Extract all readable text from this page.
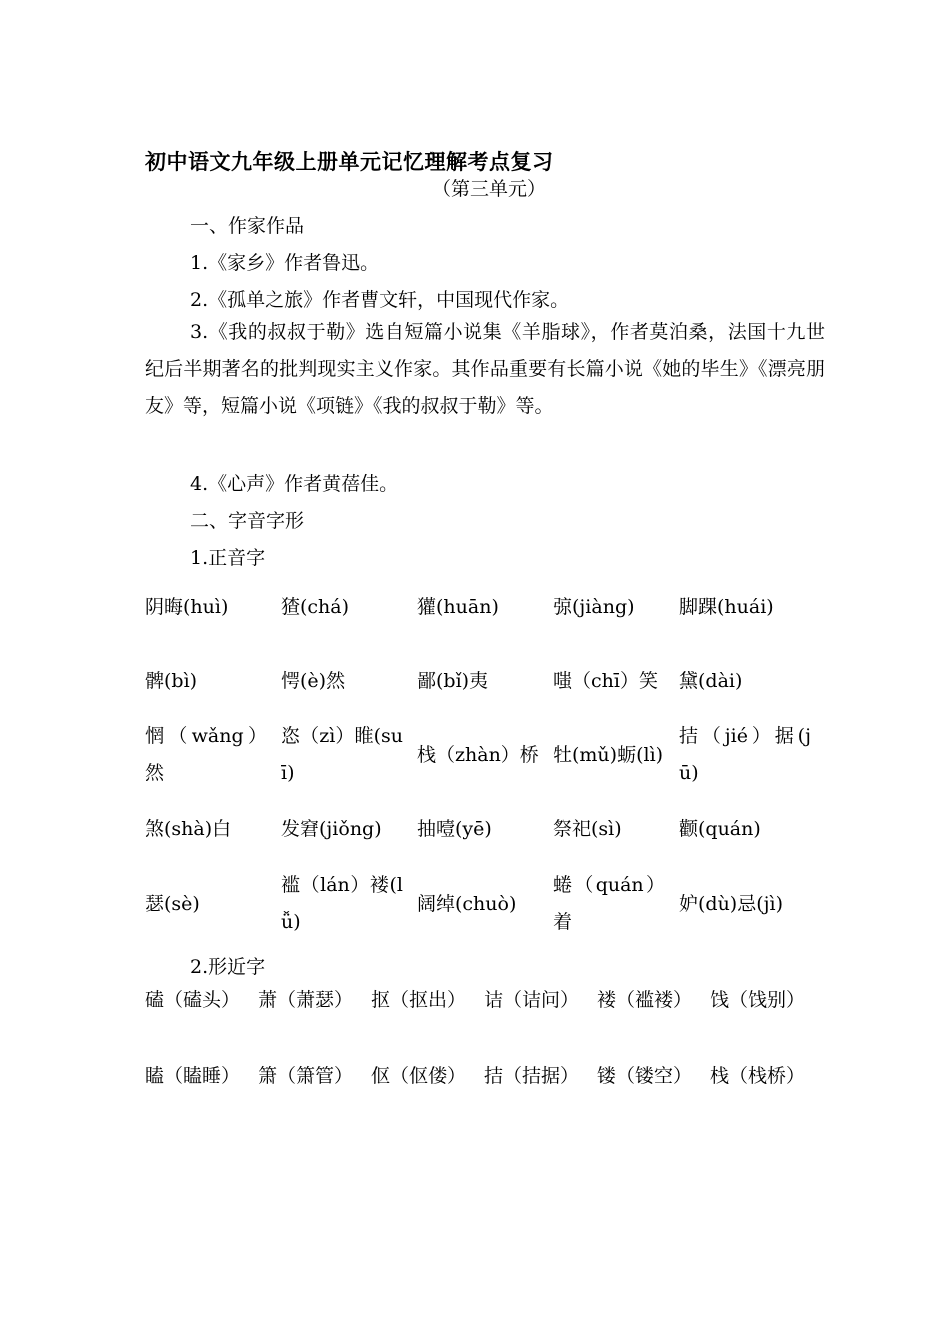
初中语文九年级上册单元记忆理解考点复习
（第三单元）
一、作家作品
1.《家乡》作者鲁迅。
2.《孤单之旅》作者曹文轩，中国现代作家。
3.《我的叔叔于勒》选自短篇小说集《羊脂球》，作者莫泊桑，法国十九世纪后半期著名的批判现实主义作家。其作品重要有长篇小说《她的毕生》《漂亮朋友》等，短篇小说《项链》《我的叔叔于勒》等。
4.《心声》作者黄蓓佳。
二、字音字形
1.正音字
阴晦(huì)	猹(chá)	獾(huān)	弶(jiàng)	脚踝(huái)
髀(bì)	愕(è)然	鄙(bǐ)夷	嗤（chī）笑	黛(dài)
惘（wǎng）然	恣（zì）睢(suī)	栈（zhàn）桥	牡(mǔ)蛎(lì)	拮（jié）据(jū)
煞(shà)白	发窘(jiǒng)	抽噎(yē)	祭祀(sì)	颧(quán)
瑟(sè)	褴（lán）褛(lǚ)	阔绰(chuò)	蜷（quán）着	妒(dù)忌(jì)
2.形近字
磕（磕头）	萧（萧瑟）	抠（抠出）	诘（诘问）	褛（褴褛）	饯（饯别）
瞌（瞌睡）	箫（箫管）	伛（伛偻）	拮（拮据）	镂（镂空）	栈（栈桥）
